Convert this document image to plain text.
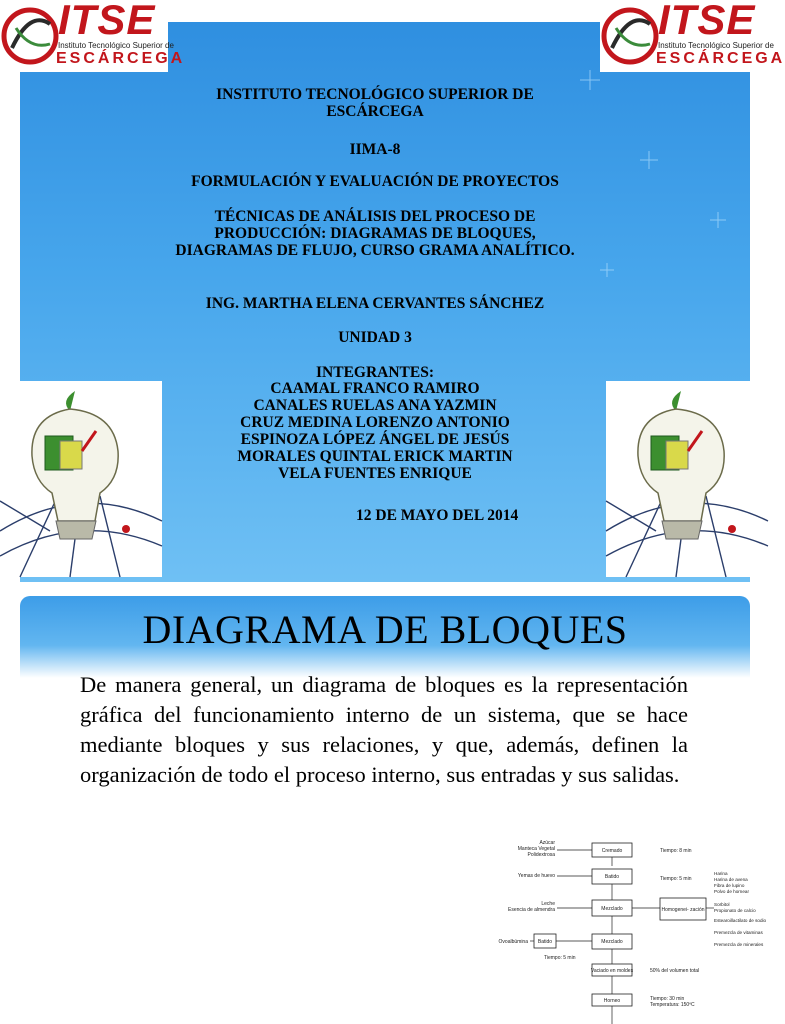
ITSE
Instituto Tecnológico Superior de
ESCÁRCEGA
ITSE
Instituto Tecnológico Superior de
ESCÁRCEGA
INSTITUTO TECNOLÓGICO SUPERIOR DE ESCÁRCEGA
IIMA-8
FORMULACIÓN Y EVALUACIÓN DE PROYECTOS
TÉCNICAS DE ANÁLISIS DEL PROCESO DE PRODUCCIÓN: DIAGRAMAS DE BLOQUES, DIAGRAMAS DE FLUJO, CURSO GRAMA ANALÍTICO.
ING. MARTHA ELENA CERVANTES SÁNCHEZ
UNIDAD 3
INTEGRANTES:
CAAMAL FRANCO RAMIRO
CANALES RUELAS ANA YAZMIN
CRUZ MEDINA LORENZO ANTONIO
ESPINOZA LÓPEZ ÁNGEL DE JESÚS
MORALES QUINTAL ERICK MARTIN
VELA FUENTES ENRIQUE
12 DE MAYO DEL 2014
DIAGRAMA DE BLOQUES

De manera general, un diagrama de bloques es la representación gráfica del funcionamiento interno de un sistema, que se hace mediante bloques y sus relaciones, y que, además, definen la organización de todo el proceso interno, sus entradas y sus salidas.

Azúcar
Manteca Vegetal
Polidextrosa
Yemas de huevo
Leche
Esencia de almendra
Ovoalbúmina
Cremado
Batido
Mezclado	Homogenei- zación
Batido	Mezclado
Vaciado en moldes
Horneo
Tiempo: 8 min
Tiempo: 5 min
Tiempo: 5 min
50% del volumen total
Tiempo: 30 min
Temperatura: 150ºC
Harina
Harina de avena
Fibra de lupino
Polvo de hornear
Sorbitol
Propionato de calcio
Estearoillactilato de sodio
Premezcla de vitaminas
Premezcla de minerales
